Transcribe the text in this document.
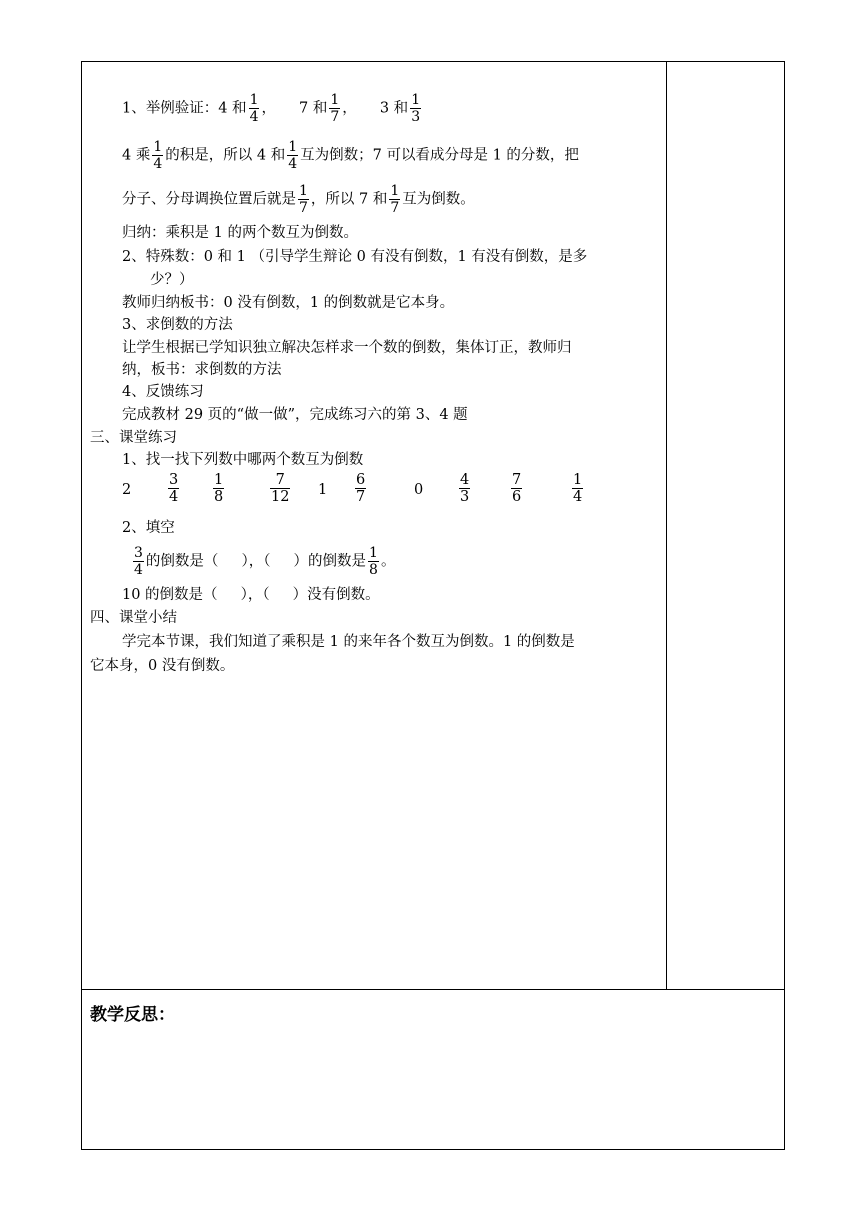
1、举例验证：4 和 $\frac{1}{4}$ ，     7 和 $\frac{1}{7}$ ，     3 和 $\frac{1}{3}$
4 乘 $\frac{1}{4}$ 的积是，所以 4 和 $\frac{1}{4}$ 互为倒数；7 可以看成分母是 1 的分数，把
分子、分母调换位置后就是 $\frac{1}{7}$ ，所以 7 和 $\frac{1}{7}$ 互为倒数。
归纳：乘积是 1 的两个数互为倒数。
2、特殊数：0 和 1 （引导学生辩论 0 有没有倒数，1 有没有倒数，是多
少？）
教师归纳板书：0 没有倒数，1 的倒数就是它本身。
3、求倒数的方法
让学生根据已学知识独立解决怎样求一个数的倒数，集体订正，教师归
纳，板书：求倒数的方法
4、反馈练习
完成教材 29 页的“做一做”，完成练习六的第 3、4 题
三、课堂练习
1、找一找下列数中哪两个数互为倒数
2
3
4
1
8
7
12 1
6
7	0
4
3
7
6
1
4
2、填空
$\frac{3}{4}$ 的倒数是（     ），（     ）的倒数是 $\frac{1}{8}$ 。
10 的倒数是（     ），（     ）没有倒数。
四、课堂小结
学完本节课，我们知道了乘积是 1 的来年各个数互为倒数。1 的倒数是
它本身，0 没有倒数。
教学反思：
